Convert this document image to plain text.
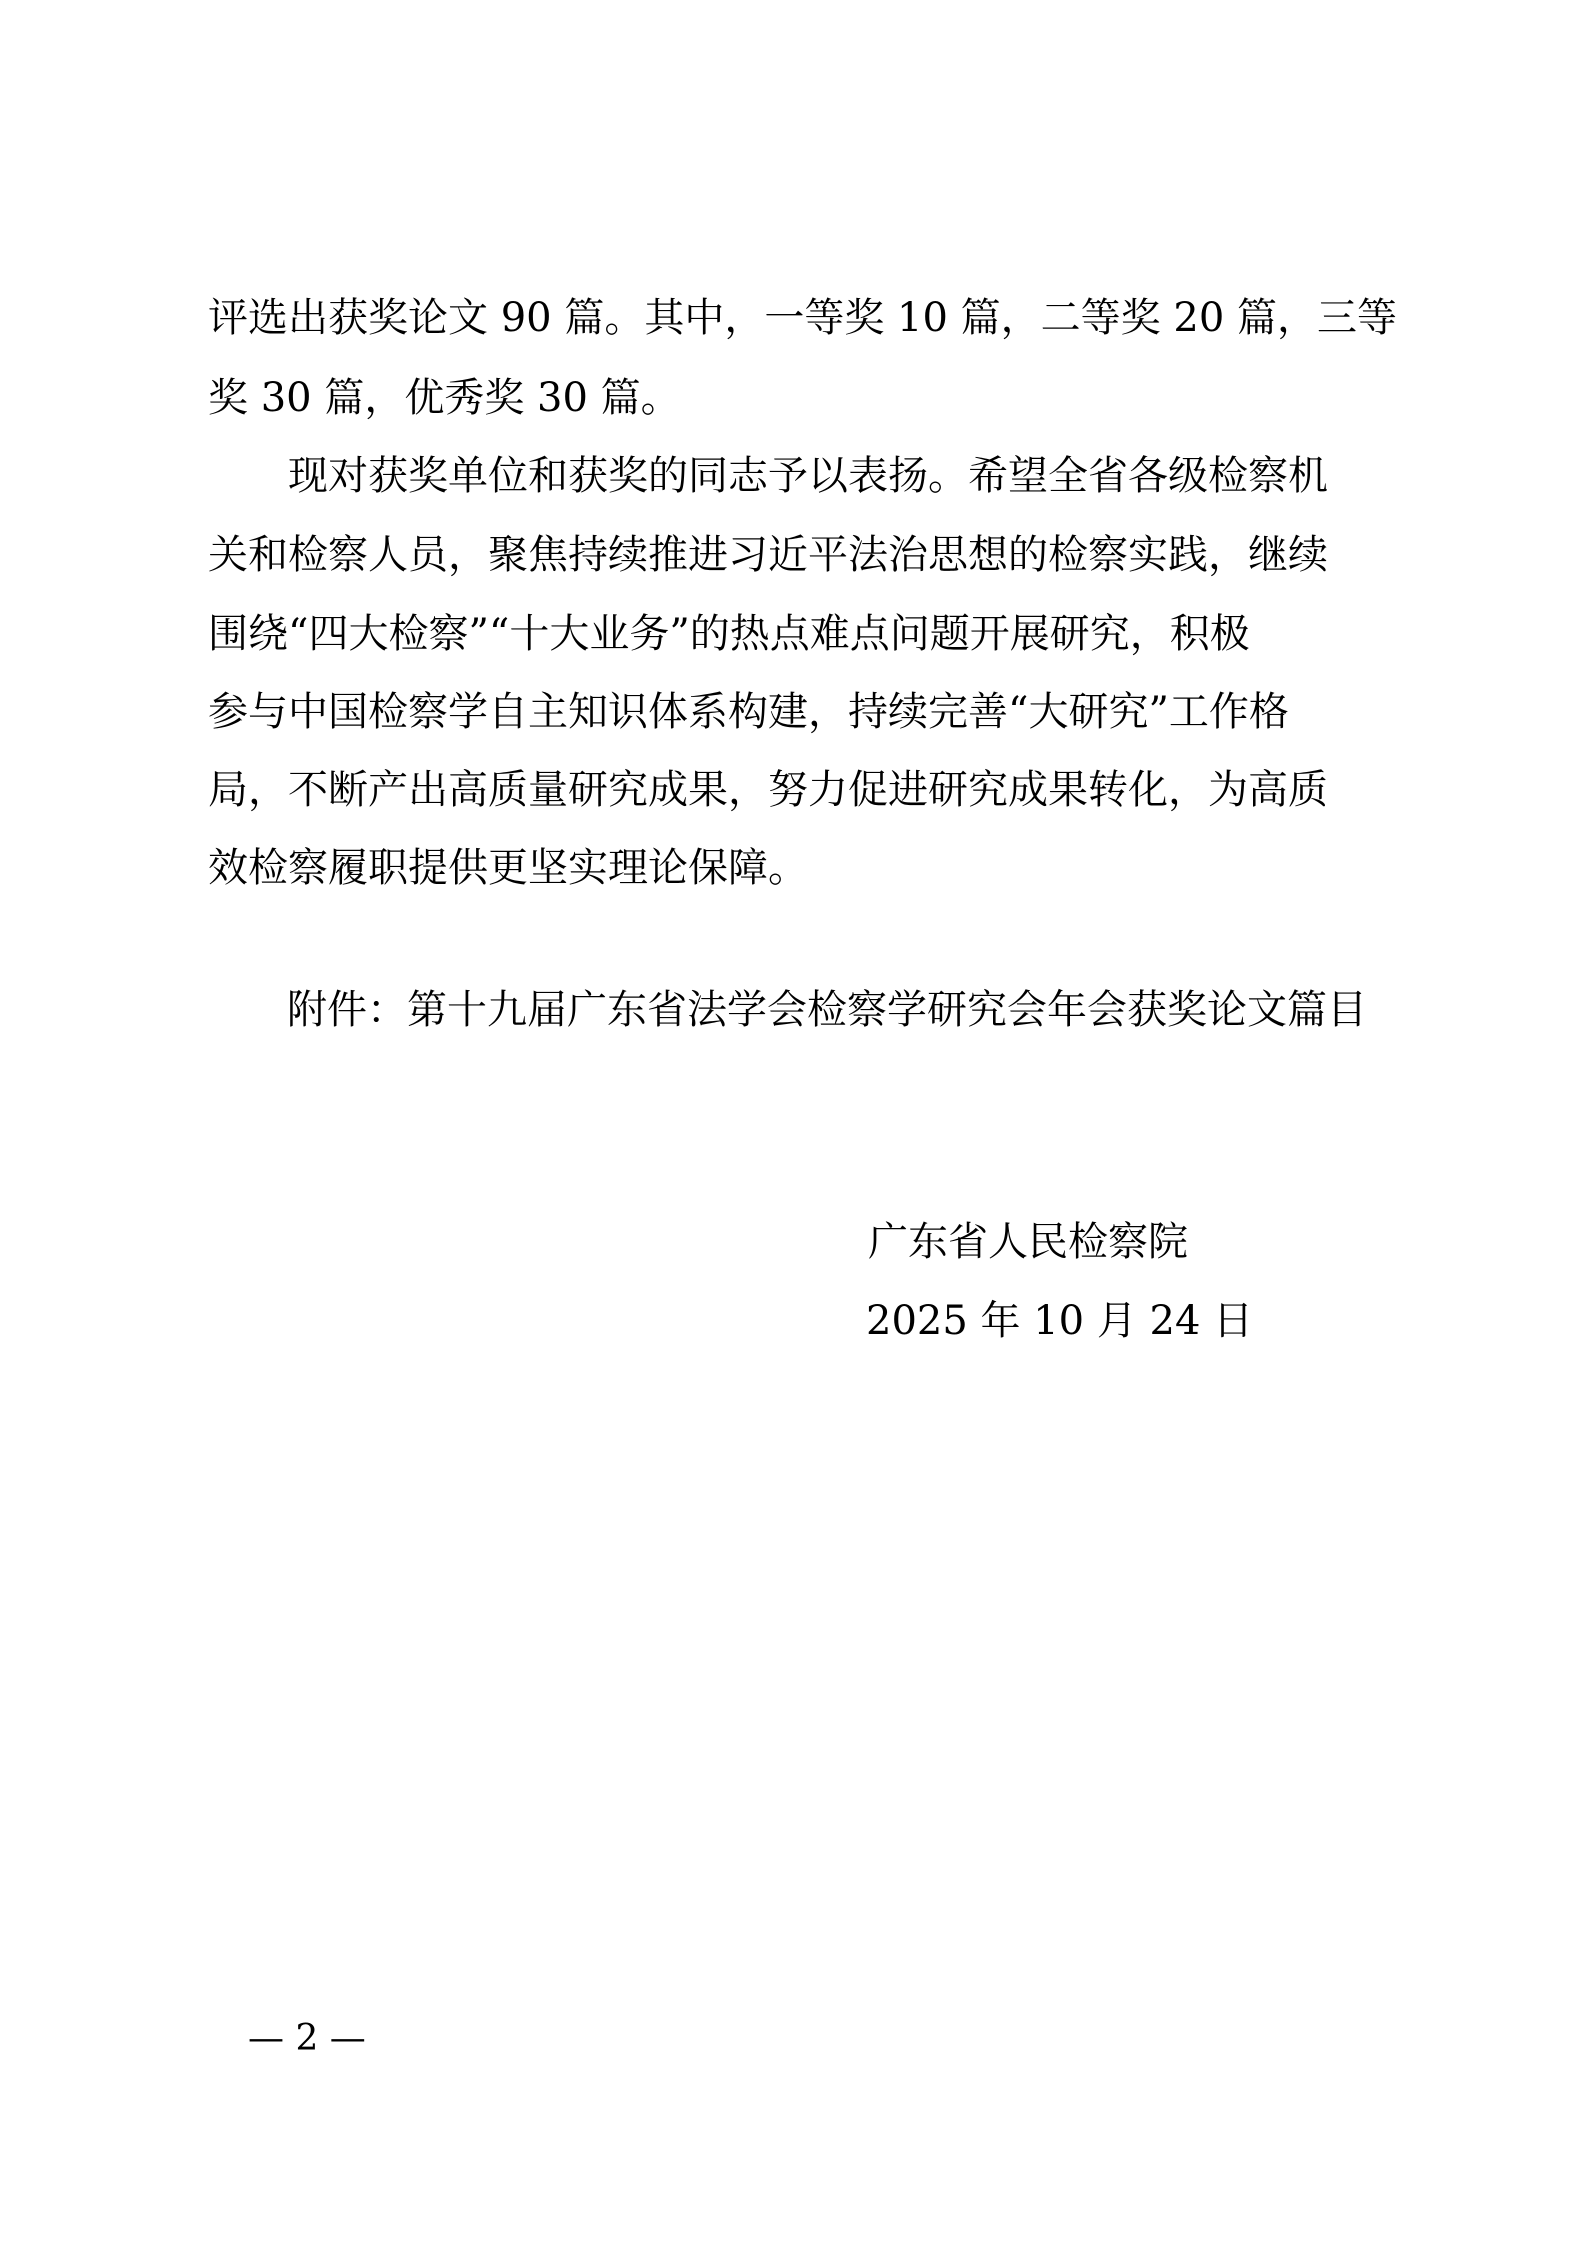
评选出获奖论文 90 篇。其中，一等奖 10 篇，二等奖 20 篇，三等
奖 30 篇，优秀奖 30 篇。
　　现对获奖单位和获奖的同志予以表扬。希望全省各级检察机
关和检察人员，聚焦持续推进习近平法治思想的检察实践，继续
围绕“四大检察”“十大业务”的热点难点问题开展研究，积极
参与中国检察学自主知识体系构建，持续完善“大研究”工作格
局，不断产出高质量研究成果，努力促进研究成果转化，为高质
效检察履职提供更坚实理论保障。
附件：第十九届广东省法学会检察学研究会年会获奖论文篇目
广东省人民检察院
2025 年 10 月 24 日
— 2 —
